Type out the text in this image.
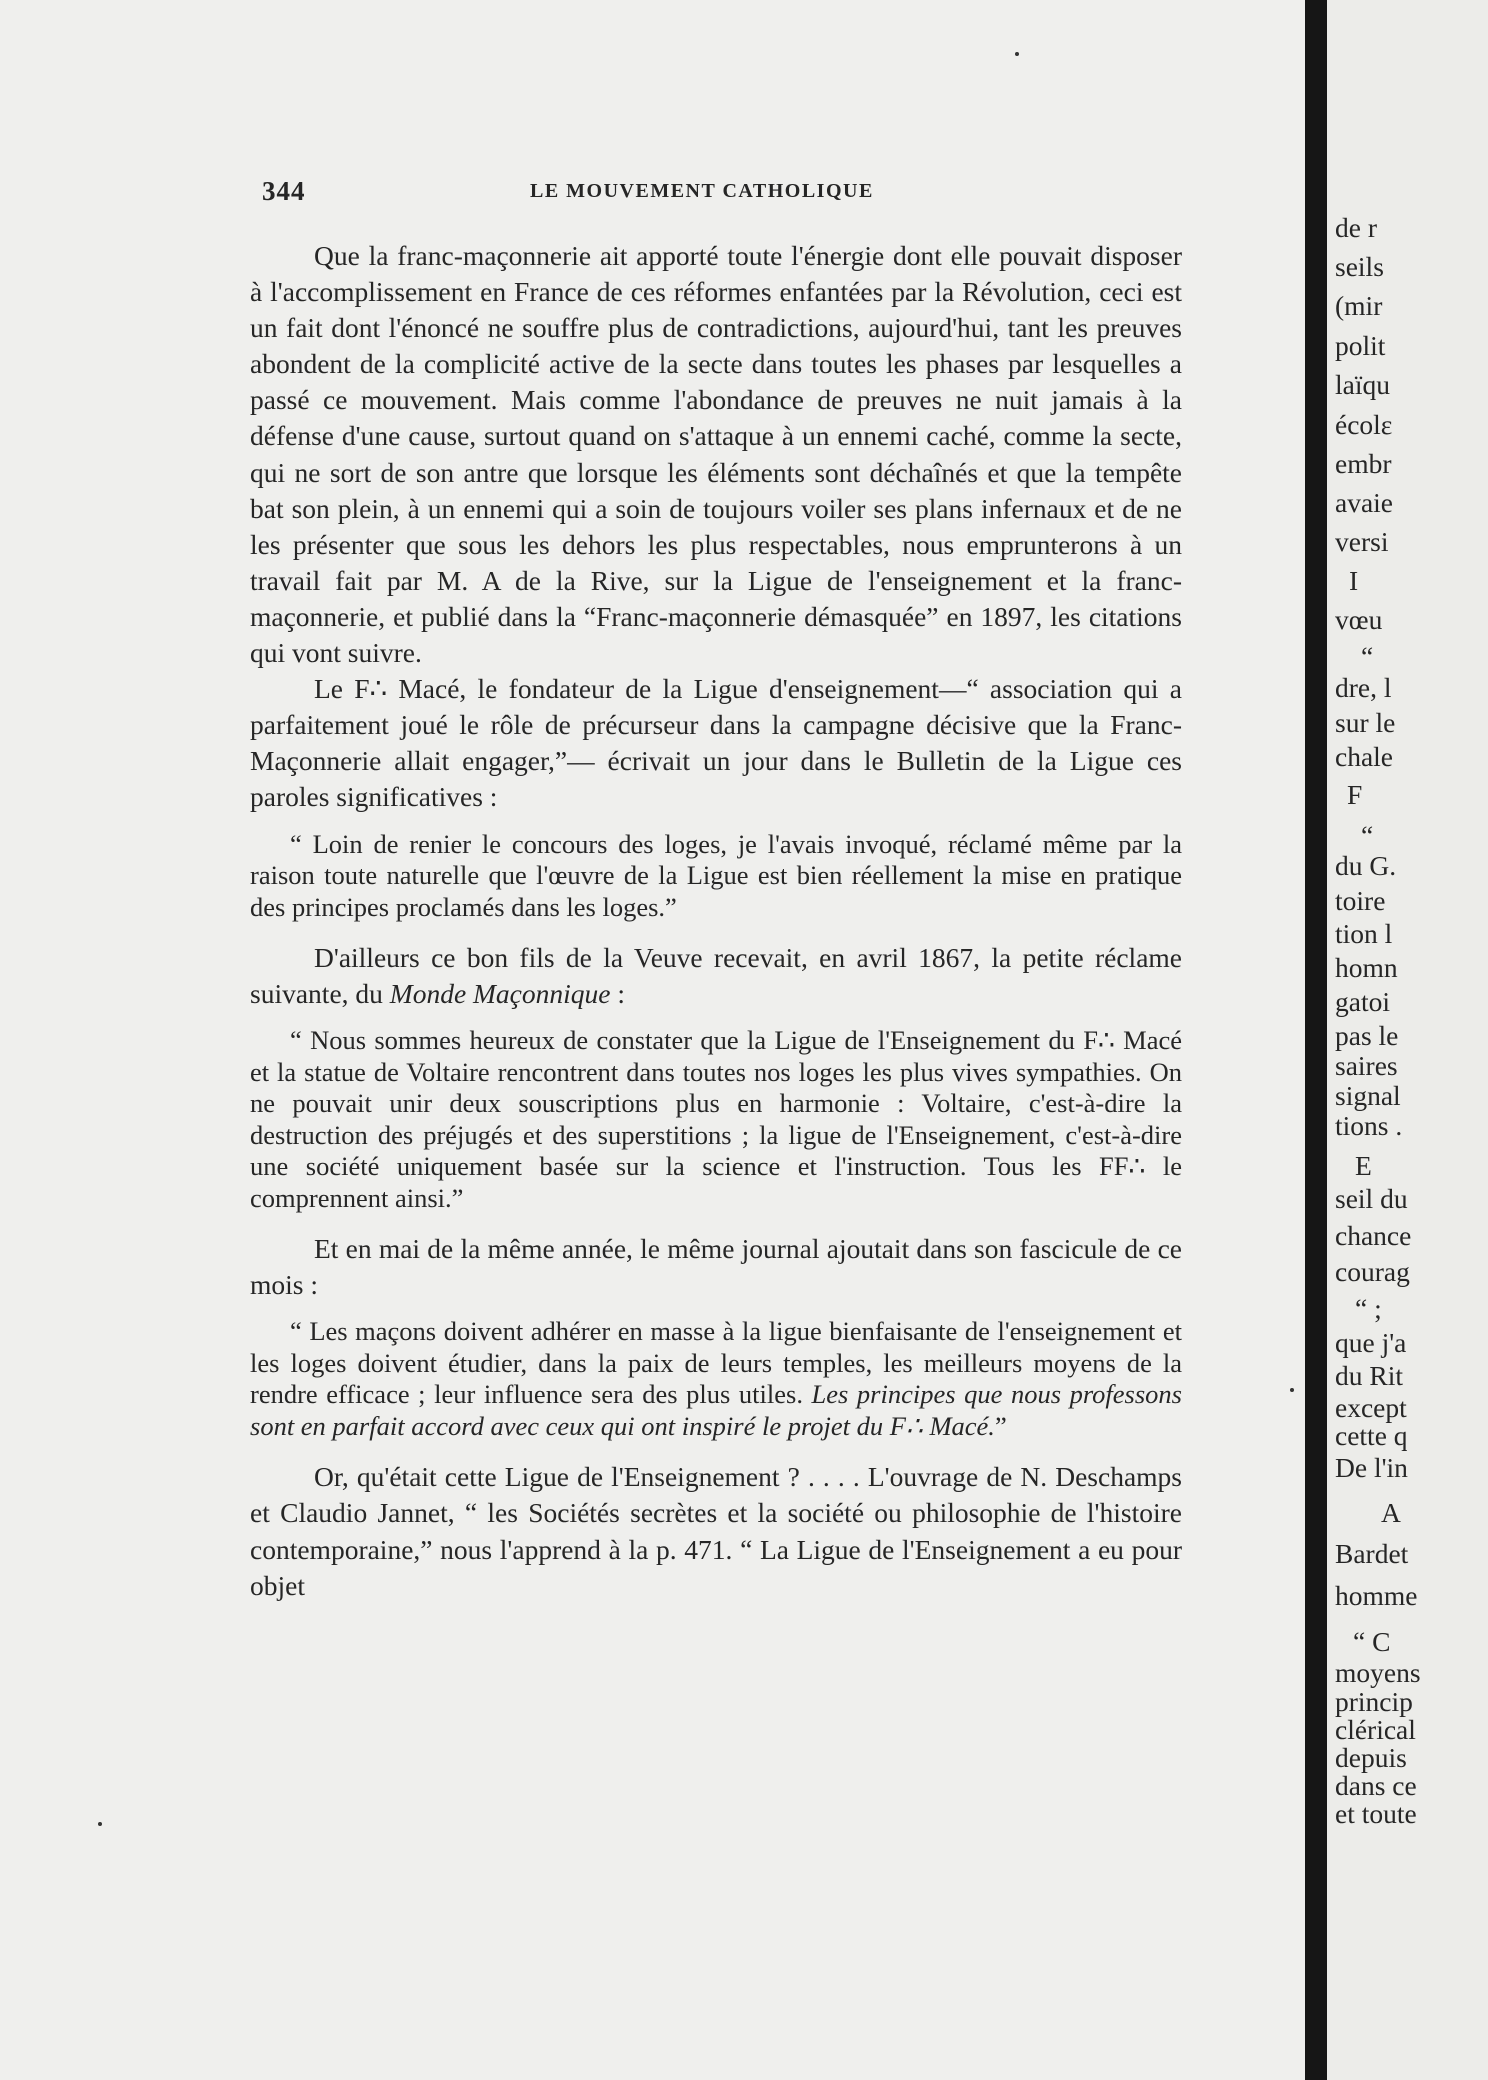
344	LE MOUVEMENT CATHOLIQUE

Que la franc-maçonnerie ait apporté toute l'énergie dont elle pouvait disposer à l'accomplissement en France de ces réformes enfantées par la Révolution, ceci est un fait dont l'énoncé ne souffre plus de contradictions, aujourd'hui, tant les preuves abondent de la complicité active de la secte dans toutes les phases par lesquelles a passé ce mouvement. Mais comme l'abondance de preuves ne nuit jamais à la défense d'une cause, surtout quand on s'attaque à un ennemi caché, comme la secte, qui ne sort de son antre que lorsque les éléments sont déchaînés et que la tempête bat son plein, à un ennemi qui a soin de toujours voiler ses plans infernaux et de ne les présenter que sous les dehors les plus respectables, nous emprunterons à un travail fait par M. A de la Rive, sur la Ligue de l'enseignement et la franc-maçonnerie, et publié dans la “Franc-maçonnerie démasquée” en 1897, les citations qui vont suivre.

Le F∴ Macé, le fondateur de la Ligue d'enseignement—“ association qui a parfaitement joué le rôle de précurseur dans la campagne décisive que la Franc-Maçonnerie allait engager,”— écrivait un jour dans le Bulletin de la Ligue ces paroles significatives :

“ Loin de renier le concours des loges, je l'avais invoqué, réclamé même par la raison toute naturelle que l'œuvre de la Ligue est bien réellement la mise en pratique des principes proclamés dans les loges.”

D'ailleurs ce bon fils de la Veuve recevait, en avril 1867, la petite réclame suivante, du Monde Maçonnique :

“ Nous sommes heureux de constater que la Ligue de l'Enseignement du F∴ Macé et la statue de Voltaire rencontrent dans toutes nos loges les plus vives sympathies. On ne pouvait unir deux souscriptions plus en harmonie : Voltaire, c'est-à-dire la destruction des préjugés et des superstitions ; la ligue de l'Enseignement, c'est-à-dire une société uniquement basée sur la science et l'instruction. Tous les FF∴ le comprennent ainsi.”

Et en mai de la même année, le même journal ajoutait dans son fascicule de ce mois :

“ Les maçons doivent adhérer en masse à la ligue bienfaisante de l'enseignement et les loges doivent étudier, dans la paix de leurs temples, les meilleurs moyens de la rendre efficace ; leur influence sera des plus utiles. Les principes que nous professons sont en parfait accord avec ceux qui ont inspiré le projet du F∴ Macé.”

Or, qu'était cette Ligue de l'Enseignement ? . . . . L'ouvrage de N. Deschamps et Claudio Jannet, “ les Sociétés secrètes et la société ou philosophie de l'histoire contemporaine,” nous l'apprend à la p. 471. “ La Ligue de l'Enseignement a eu pour objet

de r
seils
(mir
polit
laïqu
écolε
embr
avaie
versi
I
vœu
“
dre, l
sur le
chale
F
“
du G.
toire
tion l
homn
gatoi
pas le
saires
signal
tions .
E
seil du
chance
courag
“ ;
que j'a
du Rit
except
cette q
De l'in
A
Bardet
homme
“ C
moyens
princip
clérical
depuis
dans ce
et toute
